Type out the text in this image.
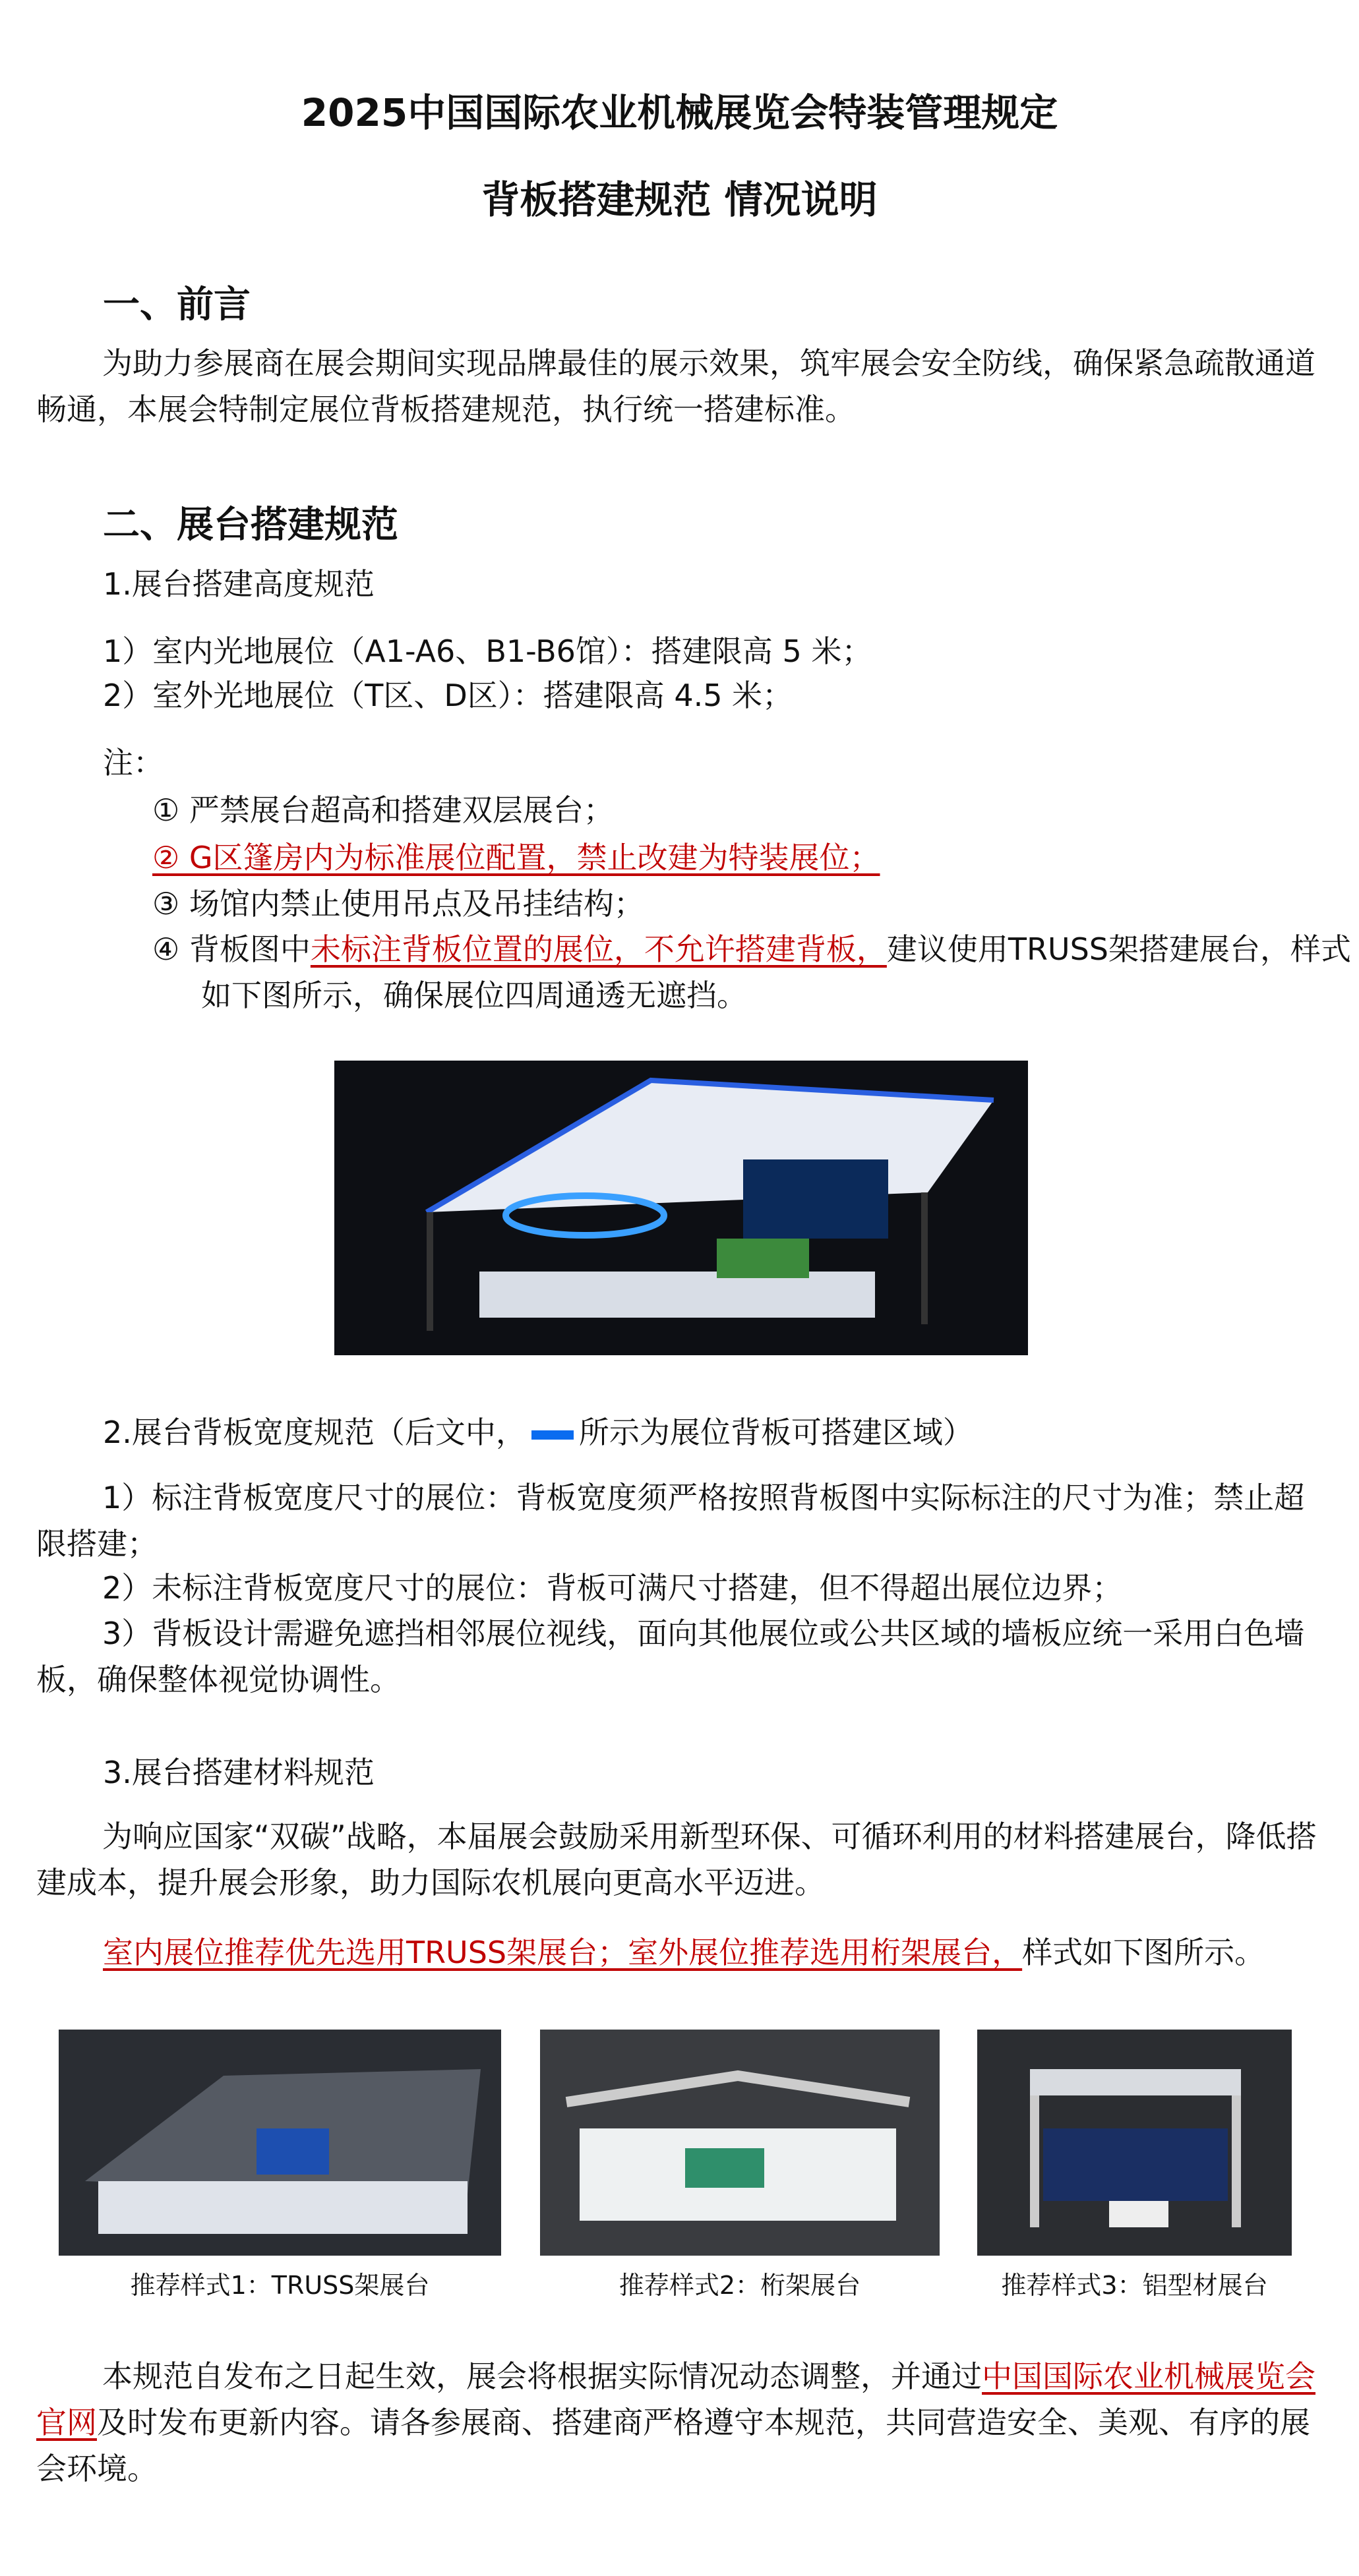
2025中国国际农业机械展览会特装管理规定
背板搭建规范 情况说明
一、前言
为助力参展商在展会期间实现品牌最佳的展示效果，筑牢展会安全防线，确保紧急疏散通道畅通，本展会特制定展位背板搭建规范，执行统一搭建标准。
二、展台搭建规范
1.展台搭建高度规范
1）室内光地展位（A1-A6、B1-B6馆）：搭建限高 5 米；
2）室外光地展位（T区、D区）：搭建限高 4.5 米；
注：
① 严禁展台超高和搭建双层展台；
② G区篷房内为标准展位配置，禁止改建为特装展位；
③ 场馆内禁止使用吊点及吊挂结构；
④ 背板图中未标注背板位置的展位，不允许搭建背板，建议使用TRUSS架搭建展台，样式如下图所示，确保展位四周通透无遮挡。
2.展台背板宽度规范（后文中， 所示为展位背板可搭建区域）
1）标注背板宽度尺寸的展位：背板宽度须严格按照背板图中实际标注的尺寸为准；禁止超限搭建；
2）未标注背板宽度尺寸的展位：背板可满尺寸搭建，但不得超出展位边界；
3）背板设计需避免遮挡相邻展位视线，面向其他展位或公共区域的墙板应统一采用白色墙板，确保整体视觉协调性。
3.展台搭建材料规范
为响应国家“双碳”战略，本届展会鼓励采用新型环保、可循环利用的材料搭建展台，降低搭建成本，提升展会形象，助力国际农机展向更高水平迈进。
室内展位推荐优先选用TRUSS架展台；室外展位推荐选用桁架展台，样式如下图所示。
推荐样式1：TRUSS架展台	推荐样式2：桁架展台	推荐样式3：铝型材展台
本规范自发布之日起生效，展会将根据实际情况动态调整，并通过中国国际农业机械展览会官网及时发布更新内容。请各参展商、搭建商严格遵守本规范，共同营造安全、美观、有序的展会环境。
